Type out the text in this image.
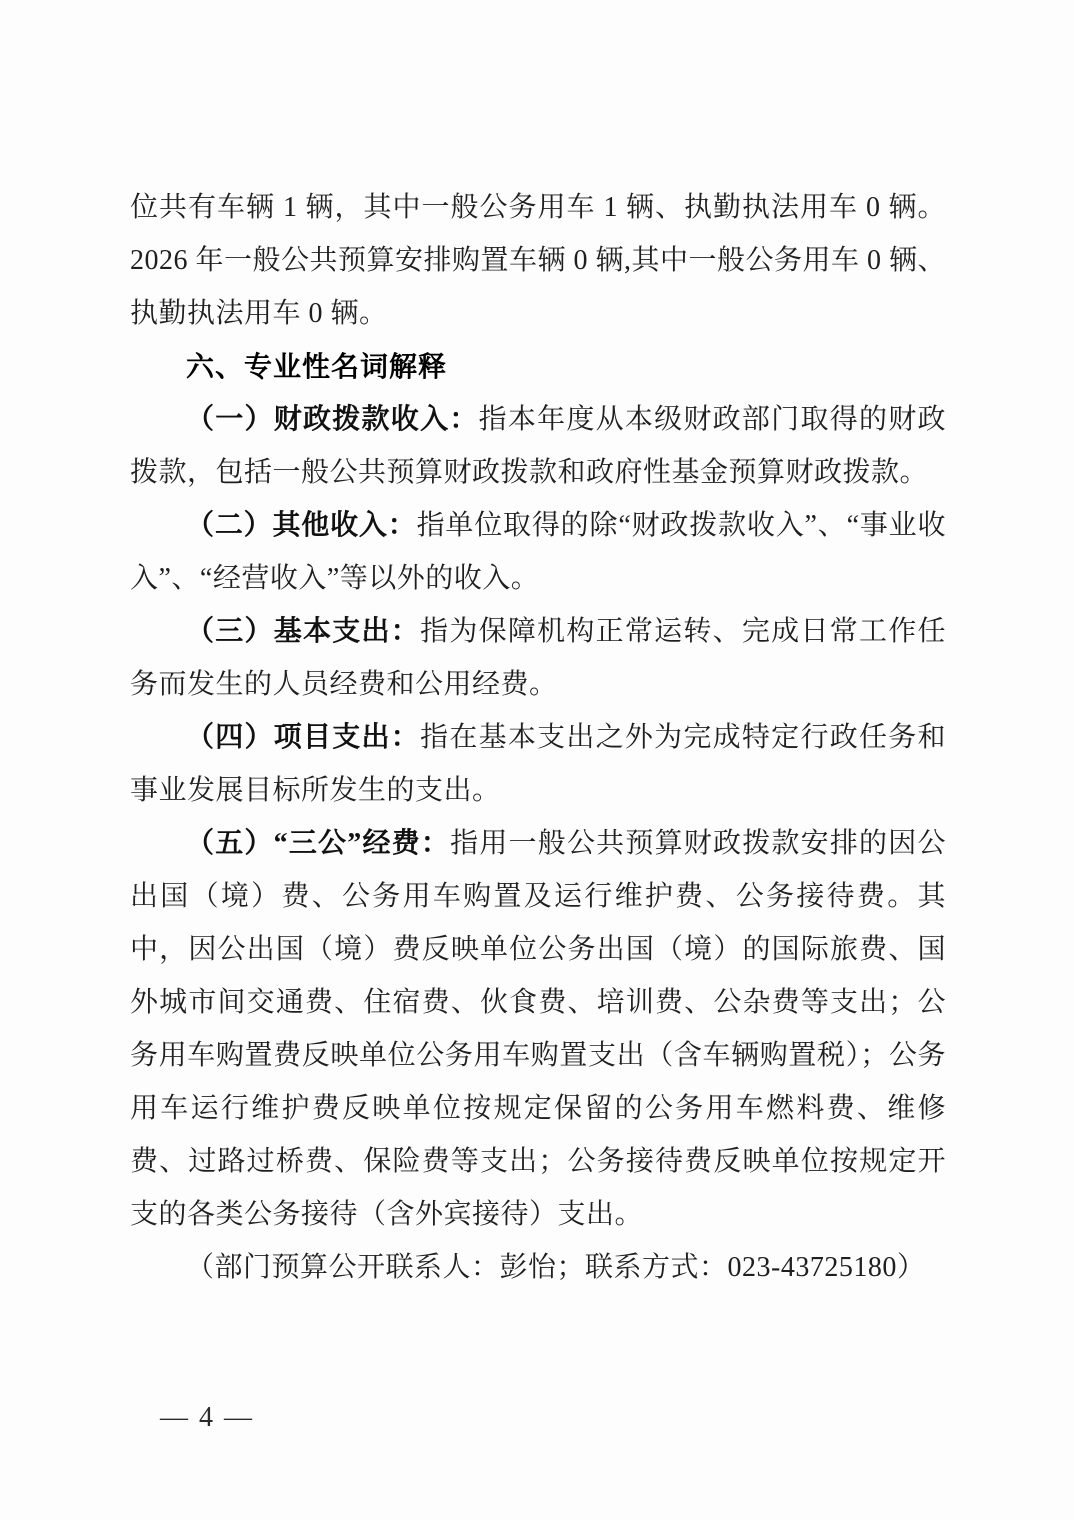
位共有车辆 1 辆，其中一般公务用车 1 辆、执勤执法用车 0 辆。2026 年一般公共预算安排购置车辆 0 辆,其中一般公务用车 0 辆、执勤执法用车 0 辆。

六、专业性名词解释

（一）财政拨款收入：指本年度从本级财政部门取得的财政拨款，包括一般公共预算财政拨款和政府性基金预算财政拨款。

（二）其他收入：指单位取得的除“财政拨款收入”、“事业收入”、“经营收入”等以外的收入。

（三）基本支出：指为保障机构正常运转、完成日常工作任务而发生的人员经费和公用经费。

（四）项目支出：指在基本支出之外为完成特定行政任务和事业发展目标所发生的支出。

（五）“三公”经费：指用一般公共预算财政拨款安排的因公出国（境）费、公务用车购置及运行维护费、公务接待费。其中，因公出国（境）费反映单位公务出国（境）的国际旅费、国外城市间交通费、住宿费、伙食费、培训费、公杂费等支出；公务用车购置费反映单位公务用车购置支出（含车辆购置税）；公务用车运行维护费反映单位按规定保留的公务用车燃料费、维修费、过路过桥费、保险费等支出；公务接待费反映单位按规定开支的各类公务接待（含外宾接待）支出。

（部门预算公开联系人：彭怡；联系方式：023-43725180）

— 4 —
